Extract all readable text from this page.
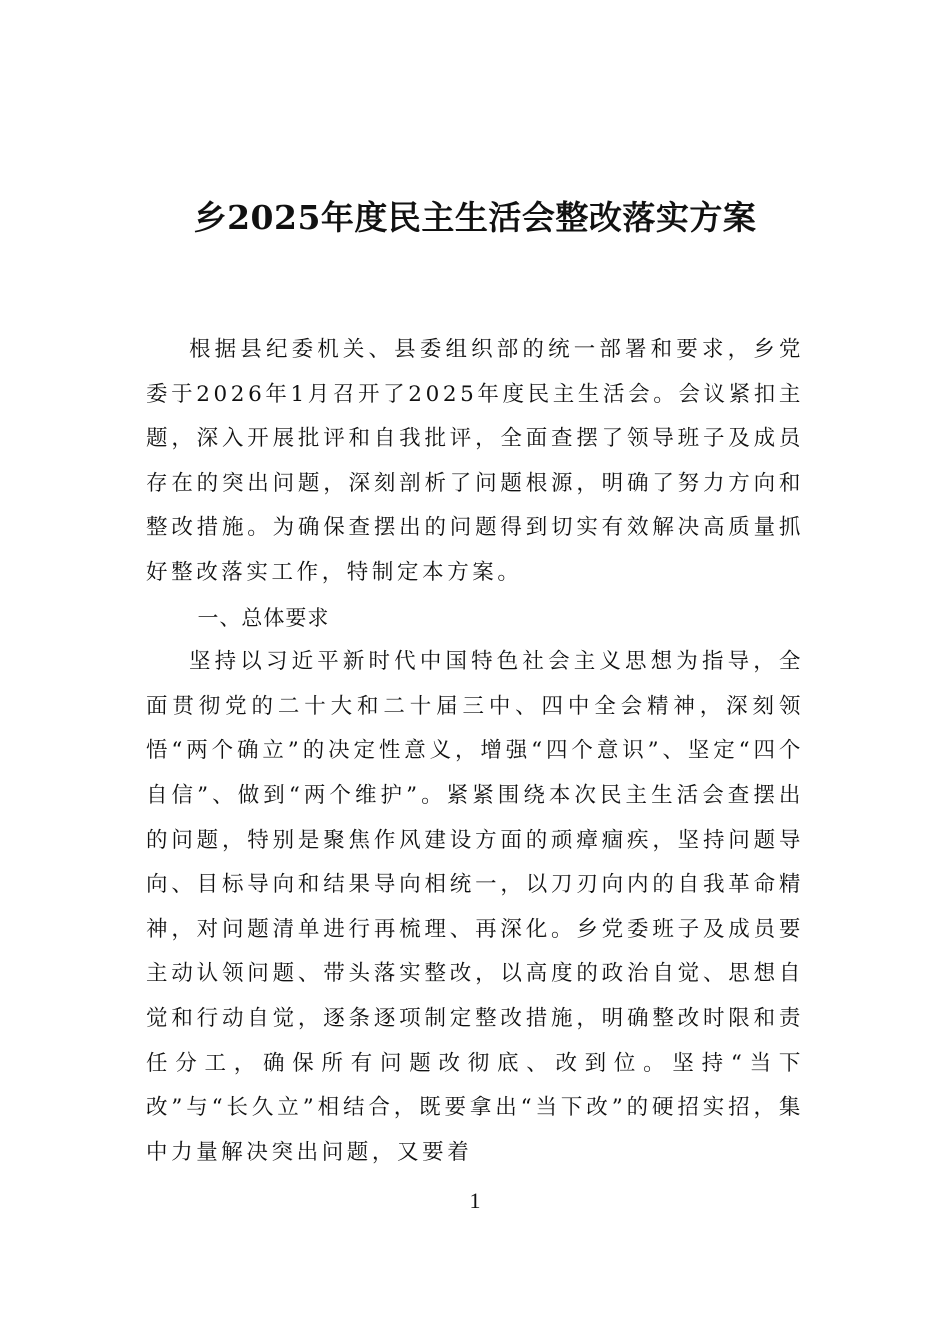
乡2025年度民主生活会整改落实方案

根据县纪委机关、县委组织部的统一部署和要求，乡党委于2026年1月召开了2025年度民主生活会。会议紧扣主题，深入开展批评和自我批评，全面查摆了领导班子及成员存在的突出问题，深刻剖析了问题根源，明确了努力方向和整改措施。为确保查摆出的问题得到切实有效解决高质量抓好整改落实工作，特制定本方案。

一、总体要求

坚持以习近平新时代中国特色社会主义思想为指导，全面贯彻党的二十大和二十届三中、四中全会精神，深刻领悟“两个确立”的决定性意义，增强“四个意识”、坚定“四个自信”、做到“两个维护”。紧紧围绕本次民主生活会查摆出的问题，特别是聚焦作风建设方面的顽瘴痼疾，坚持问题导向、目标导向和结果导向相统一，以刀刃向内的自我革命精神，对问题清单进行再梳理、再深化。乡党委班子及成员要主动认领问题、带头落实整改，以高度的政治自觉、思想自觉和行动自觉，逐条逐项制定整改措施，明确整改时限和责任分工，确保所有问题改彻底、改到位。坚持“当下改”与“长久立”相结合，既要拿出“当下改”的硬招实招，集中力量解决突出问题，又要着

1
